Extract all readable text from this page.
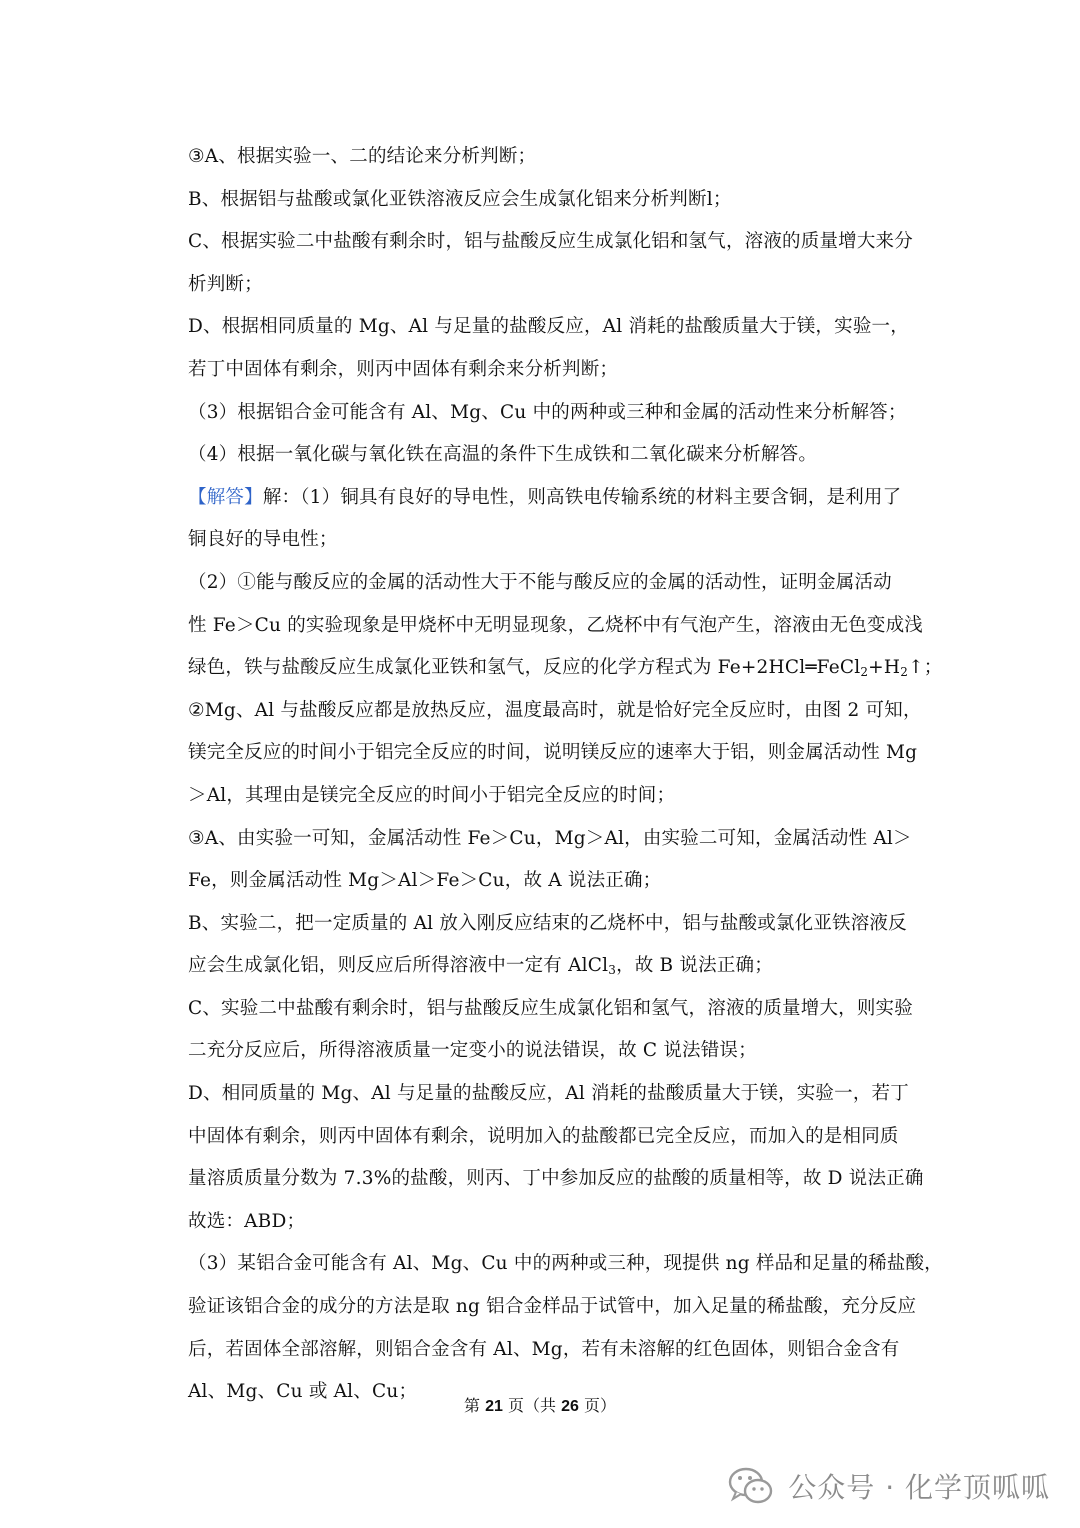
③A、根据实验一、二的结论来分析判断；
B、根据铝与盐酸或氯化亚铁溶液反应会生成氯化铝来分析判断l；
C、根据实验二中盐酸有剩余时，铝与盐酸反应生成氯化铝和氢气，溶液的质量增大来分
析判断；
D、根据相同质量的 Mg、Al 与足量的盐酸反应，Al 消耗的盐酸质量大于镁，实验一，
若丁中固体有剩余，则丙中固体有剩余来分析判断；
（3）根据铝合金可能含有 Al、Mg、Cu 中的两种或三种和金属的活动性来分析解答；
（4）根据一氧化碳与氧化铁在高温的条件下生成铁和二氧化碳来分析解答。
【解答】解：（1）铜具有良好的导电性，则高铁电传输系统的材料主要含铜，是利用了
铜良好的导电性；
（2）①能与酸反应的金属的活动性大于不能与酸反应的金属的活动性，证明金属活动
性 Fe＞Cu 的实验现象是甲烧杯中无明显现象，乙烧杯中有气泡产生，溶液由无色变成浅
绿色，铁与盐酸反应生成氯化亚铁和氢气，反应的化学方程式为 $Fe+2HCl═FeCl_2+H_2↑$；
②Mg、Al 与盐酸反应都是放热反应，温度最高时，就是恰好完全反应时，由图 2 可知，
镁完全反应的时间小于铝完全反应的时间，说明镁反应的速率大于铝，则金属活动性 Mg
＞Al，其理由是镁完全反应的时间小于铝完全反应的时间；
③A、由实验一可知，金属活动性 Fe＞Cu，Mg＞Al，由实验二可知，金属活动性 Al＞
Fe，则金属活动性 Mg＞Al＞Fe＞Cu，故 A 说法正确；
B、实验二，把一定质量的 Al 放入刚反应结束的乙烧杯中，铝与盐酸或氯化亚铁溶液反
应会生成氯化铝，则反应后所得溶液中一定有 AlCl$_3$，故 B 说法正确；
C、实验二中盐酸有剩余时，铝与盐酸反应生成氯化铝和氢气，溶液的质量增大，则实验
二充分反应后，所得溶液质量一定变小的说法错误，故 C 说法错误；
D、相同质量的 Mg、Al 与足量的盐酸反应，Al 消耗的盐酸质量大于镁，实验一，若丁
中固体有剩余，则丙中固体有剩余，说明加入的盐酸都已完全反应，而加入的是相同质
量溶质质量分数为 7.3%的盐酸，则丙、丁中参加反应的盐酸的质量相等，故 D 说法正确
故选：ABD；
（3）某铝合金可能含有 Al、Mg、Cu 中的两种或三种，现提供 ng 样品和足量的稀盐酸，
验证该铝合金的成分的方法是取 ng 铝合金样品于试管中，加入足量的稀盐酸，充分反应
后，若固体全部溶解，则铝合金含有 Al、Mg，若有未溶解的红色固体，则铝合金含有
Al、Mg、Cu 或 Al、Cu；
第 21 页（共 26 页）
公众号 · 化学顶呱呱
